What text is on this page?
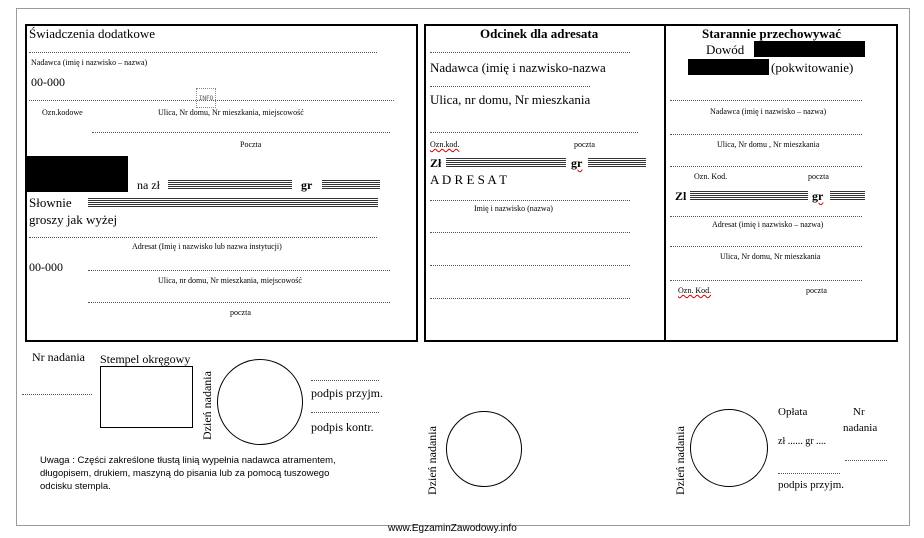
Świadczenia dodatkowe
Nadawca (imię i nazwisko – nazwa)
00-000
INFO
Ozn.kodowe	Ulica, Nr domu, Nr mieszkania, miejscowość
Poczta
na zł	gr
Słownie
groszy jak wyżej
Adresat (Imię i nazwisko lub nazwa instytucji)
00-000
Ulica, nr domu, Nr mieszkania, miejscowość
poczta
Odcinek dla adresata
Nadawca (imię i nazwisko-nazwa
Ulica, nr domu, Nr mieszkania
Ozn.kod.	poczta
Zł	gr
A D R E S A T
Imię i nazwisko (nazwa)
Starannie przechowywać
Dowód
(pokwitowanie)
Nadawca (imię i nazwisko – nazwa)
Ulica, Nr domu , Nr mieszkania
Ozn. Kod.	poczta
Zl	gr
Adresat (imię i nazwisko – nazwa)
Ulica, Nr domu, Nr mieszkania
Ozn. Kod.	poczta
Nr nadania Stempel okręgowy
Dzień nadania	podpis przyjm.
podpis kontr.
Uwaga : Części zakreślone tłustą linią wypełnia nadawca atramentem,
długopisem, drukiem, maszyną do pisania lub za pomocą tuszowego
odcisku stempla.	Dzień nadania	Dzień nadania
Opłata	Nr
nadania
zł ...... gr ....
podpis przyjm.
www.EgzaminZawodowy.info
